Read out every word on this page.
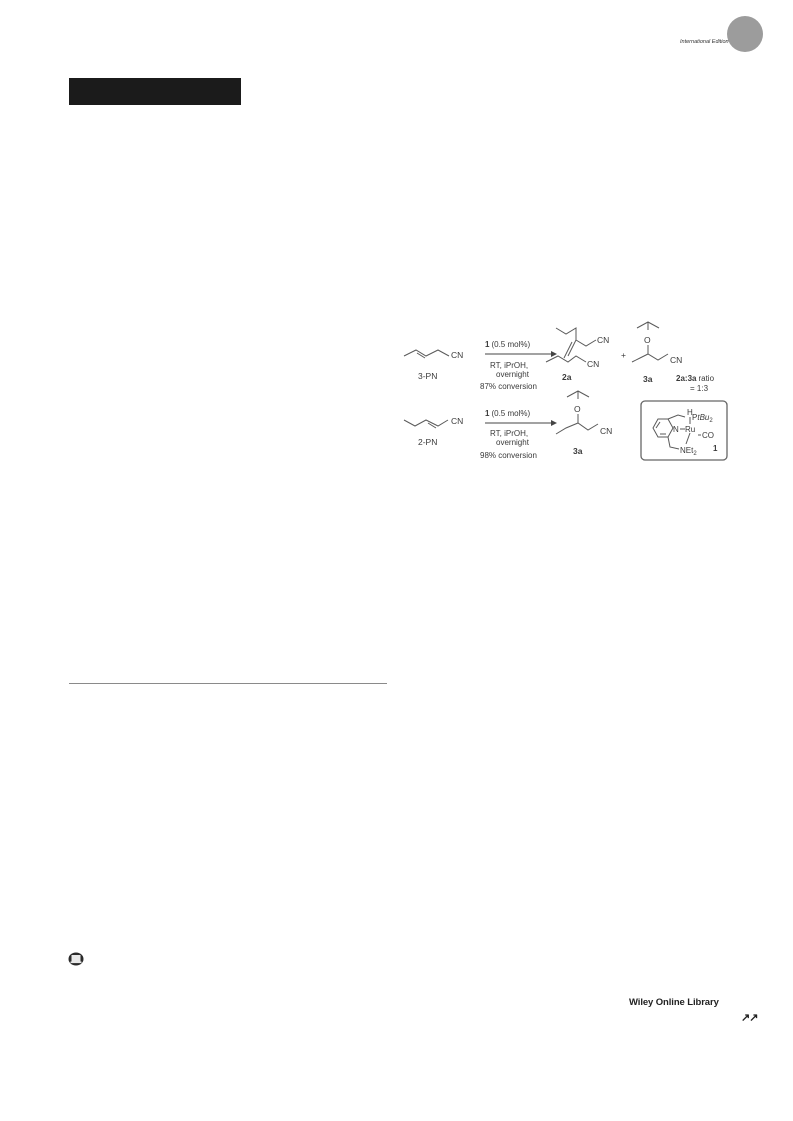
International Edition
CN
3-PN
1 (0.5 mol%)
RT, iPrOH,
overnight
87% conversion
CN
CN
2a
+
O
CN
3a	2a:3a ratio
= 1:3
CN
2-PN
1 (0.5 mol%)
RT, iPrOH,
overnight
98% conversion
O
CN
3a
H
PtBu$_2$
N Ru
CO
NEt$_2$
1
Wiley Online Library
↗↗
